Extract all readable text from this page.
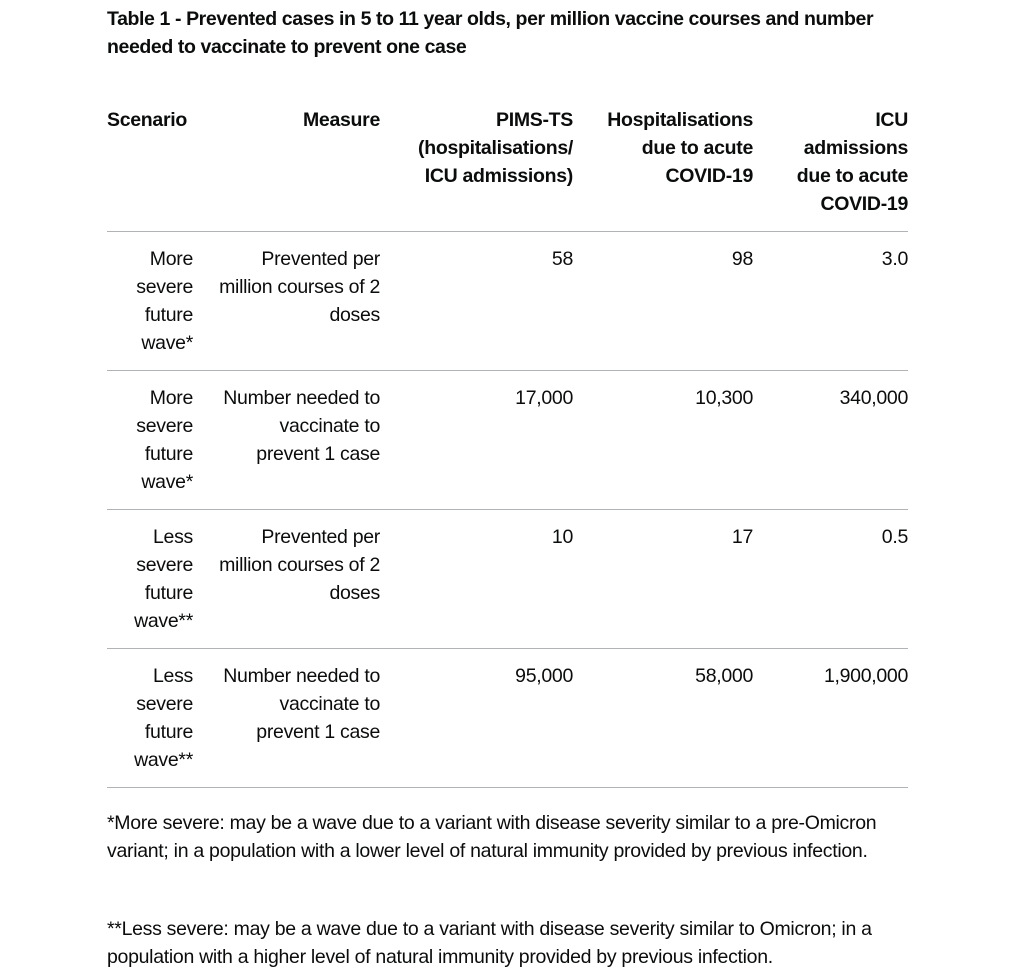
Table 1 - Prevented cases in 5 to 11 year olds, per million vaccine courses and number needed to vaccinate to prevent one case
Scenario	Measure	PIMS-TS (hospitalisations/ ICU admissions)	Hospitalisations due to acute COVID-19	ICU admissions due to acute COVID-19
More severe future wave*	Prevented per million courses of 2 doses	58	98	3.0
More severe future wave*	Number needed to vaccinate to prevent 1 case	17,000	10,300	340,000
Less severe future wave**	Prevented per million courses of 2 doses	10	17	0.5
Less severe future wave**	Number needed to vaccinate to prevent 1 case	95,000	58,000	1,900,000

*More severe: may be a wave due to a variant with disease severity similar to a pre-Omicron variant; in a population with a lower level of natural immunity provided by previous infection.

**Less severe: may be a wave due to a variant with disease severity similar to Omicron; in a population with a higher level of natural immunity provided by previous infection.
